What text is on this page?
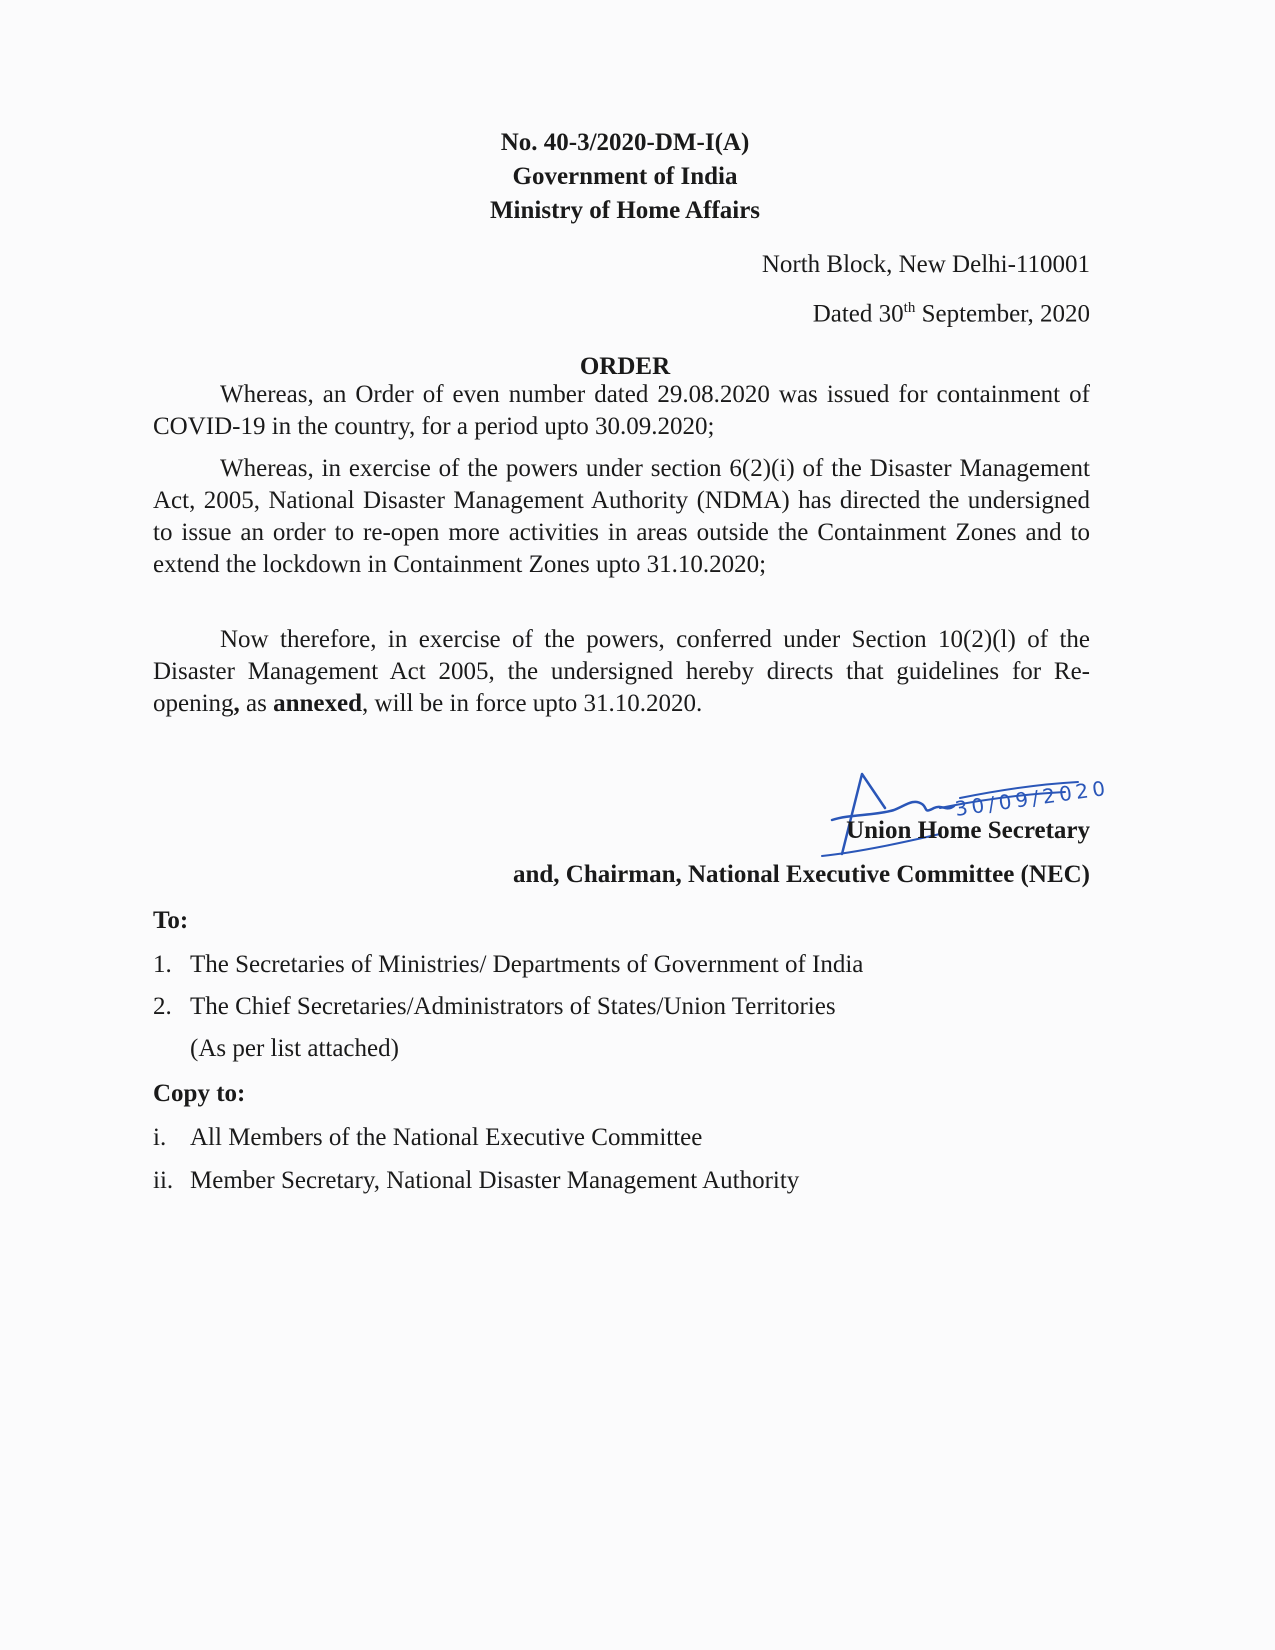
No. 40-3/2020-DM-I(A)
Government of India
Ministry of Home Affairs
North Block, New Delhi-110001
Dated 30th September, 2020
ORDER

Whereas, an Order of even number dated 29.08.2020 was issued for containment of COVID-19 in the country, for a period upto 30.09.2020;

Whereas, in exercise of the powers under section 6(2)(i) of the Disaster Management Act, 2005, National Disaster Management Authority (NDMA) has directed the undersigned to issue an order to re-open more activities in areas outside the Containment Zones and to extend the lockdown in Containment Zones upto 31.10.2020;

Now therefore, in exercise of the powers, conferred under Section 10(2)(l) of the Disaster Management Act 2005, the undersigned hereby directs that guidelines for Re-opening, as annexed, will be in force upto 31.10.2020.

30/09/2020
Union Home Secretary
and, Chairman, National Executive Committee (NEC)
To:
1. The Secretaries of Ministries/ Departments of Government of India
2. The Chief Secretaries/Administrators of States/Union Territories
(As per list attached)
Copy to:
i. All Members of the National Executive Committee
ii. Member Secretary, National Disaster Management Authority
